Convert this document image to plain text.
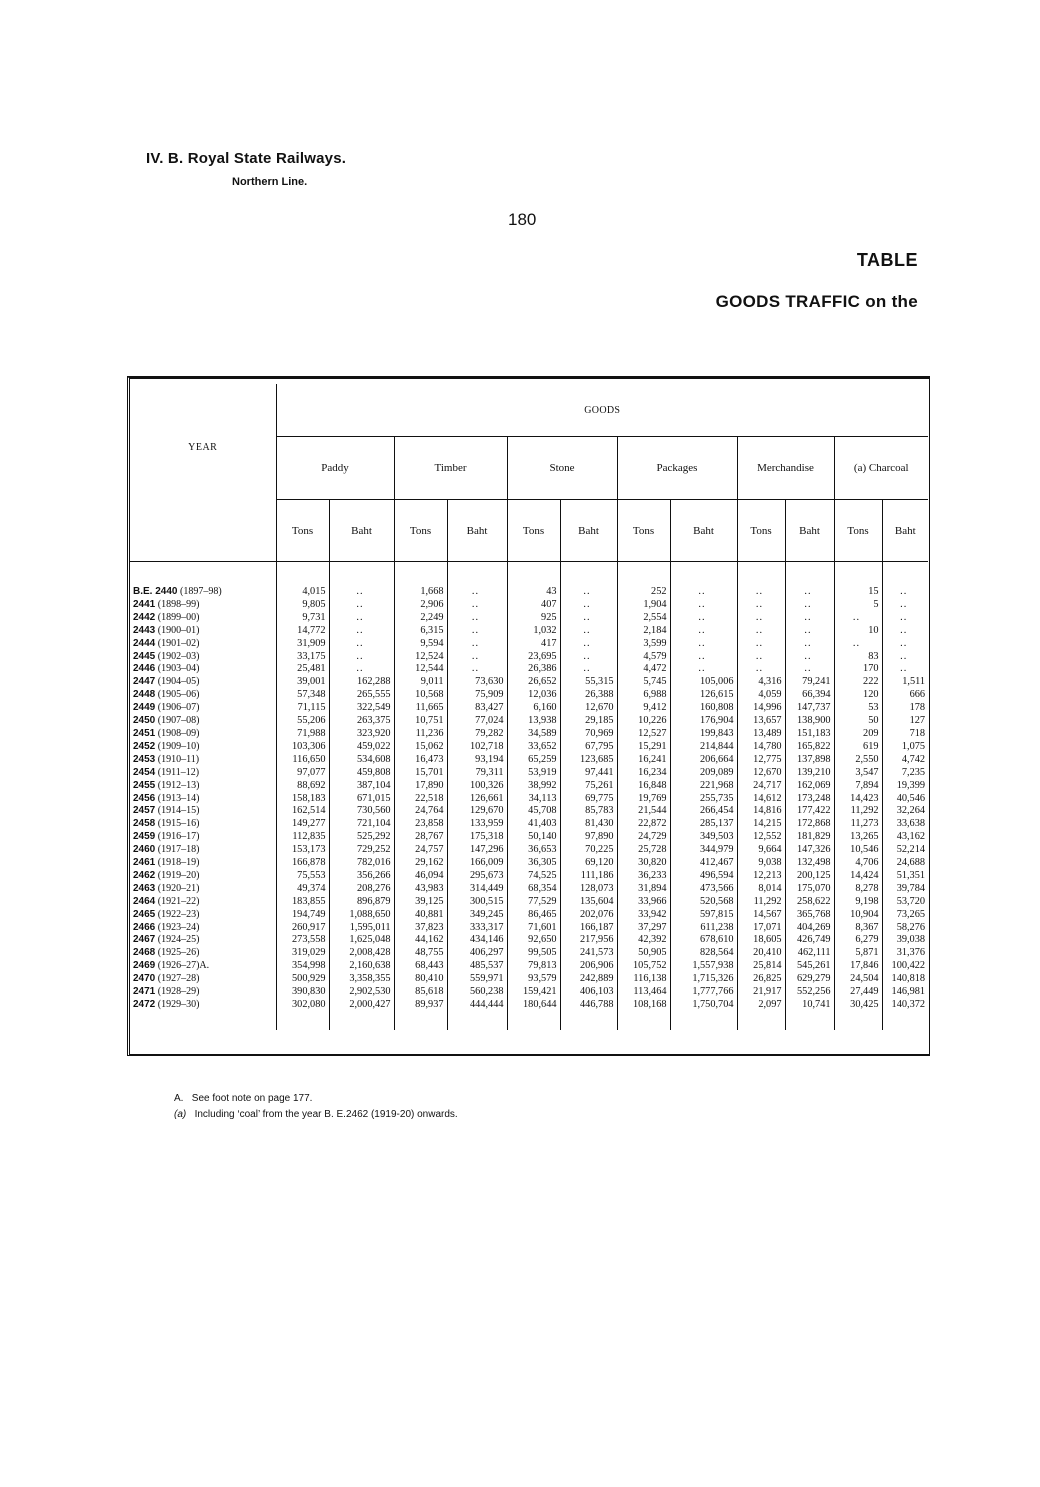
IV. B. Royal State Railways.
Northern Line.
180
TABLE
GOODS TRAFFIC on the
YEAR	GOODS											
	Paddy		Timber		Stone		Packages		Merchandise		(a) Charcoal	
	Tons	Baht	Tons	Baht	Tons	Baht	Tons	Baht	Tons	Baht	Tons	Baht

B.E. 2440 (1897–98)	4,015	..	1,668	..	43	..	252	..	..	..	15	..
2441 (1898–99)	9,805	..	2,906	..	407	..	1,904	..	..	..	5	..
2442 (1899–00)	9,731	..	2,249	..	925	..	2,554	..	..	..	..	..
2443 (1900–01)	14,772	..	6,315	..	1,032	..	2,184	..	..	..	10	..
2444 (1901–02)	31,909	..	9,594	..	417	..	3,599	..	..	..	..	..
2445 (1902–03)	33,175	..	12,524	..	23,695	..	4,579	..	..	..	83	..
2446 (1903–04)	25,481	..	12,544	..	26,386	..	4,472	..	..	..	170	..
2447 (1904–05)	39,001	162,288	9,011	73,630	26,652	55,315	5,745	105,006	4,316	79,241	222	1,511
2448 (1905–06)	57,348	265,555	10,568	75,909	12,036	26,388	6,988	126,615	4,059	66,394	120	666
2449 (1906–07)	71,115	322,549	11,665	83,427	6,160	12,670	9,412	160,808	14,996	147,737	53	178
2450 (1907–08)	55,206	263,375	10,751	77,024	13,938	29,185	10,226	176,904	13,657	138,900	50	127
2451 (1908–09)	71,988	323,920	11,236	79,282	34,589	70,969	12,527	199,843	13,489	151,183	209	718
2452 (1909–10)	103,306	459,022	15,062	102,718	33,652	67,795	15,291	214,844	14,780	165,822	619	1,075
2453 (1910–11)	116,650	534,608	16,473	93,194	65,259	123,685	16,241	206,664	12,775	137,898	2,550	4,742
2454 (1911–12)	97,077	459,808	15,701	79,311	53,919	97,441	16,234	209,089	12,670	139,210	3,547	7,235
2455 (1912–13)	88,692	387,104	17,890	100,326	38,992	75,261	16,848	221,968	24,717	162,069	7,894	19,399
2456 (1913–14)	158,183	671,015	22,518	126,661	34,113	69,775	19,769	255,735	14,612	173,248	14,423	40,546
2457 (1914–15)	162,514	730,560	24,764	129,670	45,708	85,783	21,544	266,454	14,816	177,422	11,292	32,264
2458 (1915–16)	149,277	721,104	23,858	133,959	41,403	81,430	22,872	285,137	14,215	172,868	11,273	33,638
2459 (1916–17)	112,835	525,292	28,767	175,318	50,140	97,890	24,729	349,503	12,552	181,829	13,265	43,162
2460 (1917–18)	153,173	729,252	24,757	147,296	36,653	70,225	25,728	344,979	9,664	147,326	10,546	52,214
2461 (1918–19)	166,878	782,016	29,162	166,009	36,305	69,120	30,820	412,467	9,038	132,498	4,706	24,688
2462 (1919–20)	75,553	356,266	46,094	295,673	74,525	111,186	36,233	496,594	12,213	200,125	14,424	51,351
2463 (1920–21)	49,374	208,276	43,983	314,449	68,354	128,073	31,894	473,566	8,014	175,070	8,278	39,784
2464 (1921–22)	183,855	896,879	39,125	300,515	77,529	135,604	33,966	520,568	11,292	258,622	9,198	53,720
2465 (1922–23)	194,749	1,088,650	40,881	349,245	86,465	202,076	33,942	597,815	14,567	365,768	10,904	73,265
2466 (1923–24)	260,917	1,595,011	37,823	333,317	71,601	166,187	37,297	611,238	17,071	404,269	8,367	58,276
2467 (1924–25)	273,558	1,625,048	44,162	434,146	92,650	217,956	42,392	678,610	18,605	426,749	6,279	39,038
2468 (1925–26)	319,029	2,008,428	48,755	406,297	99,505	241,573	50,905	828,564	20,410	462,111	5,871	31,376
2469 (1926–27)A.	354,998	2,160,638	68,443	485,537	79,813	206,906	105,752	1,557,938	25,814	545,261	17,846	100,422
2470 (1927–28)	500,929	3,358,355	80,410	559,971	93,579	242,889	116,138	1,715,326	26,825	629,279	24,504	140,818
2471 (1928–29)	390,830	2,902,530	85,618	560,238	159,421	406,103	113,464	1,777,766	21,917	552,256	27,449	146,981
2472 (1929–30)	302,080	2,000,427	89,937	444,444	180,644	446,788	108,168	1,750,704	2,097	10,741	30,425	140,372

A. See foot note on page 177.
(a) Including ‘coal’ from the year B. E.2462 (1919-20) onwards.
